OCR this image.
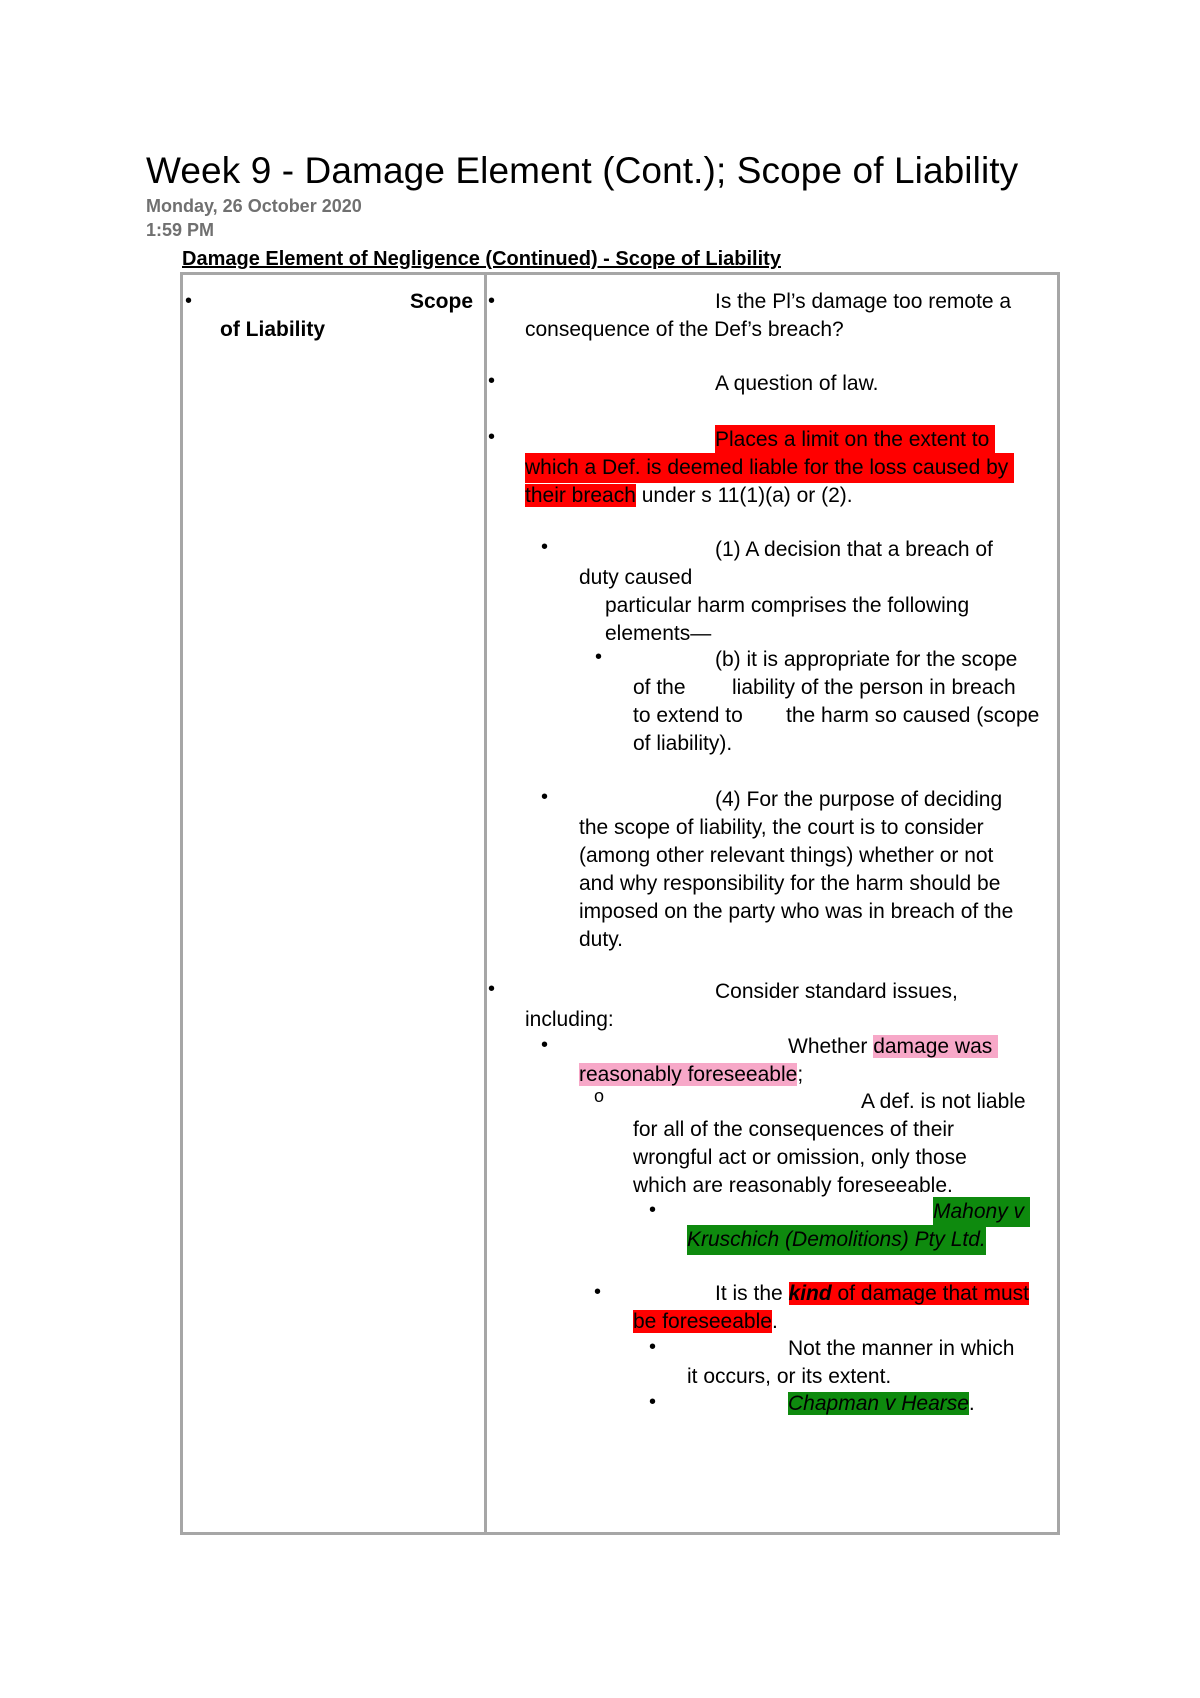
Week 9 - Damage Element (Cont.); Scope of Liability
Monday, 26 October 2020
1:59 PM
Damage Element of Negligence (Continued) - Scope of Liability
•	Scope
of Liability
•	Is the Pl’s damage too remote a
consequence of the Def’s breach?
•	A question of law.
•	Places a limit on the extent to
which a Def. is deemed liable for the loss caused by
their breach under s 11(1)(a) or (2).
•	(1) A decision that a breach of
duty caused
particular harm comprises the following
elements—
•	(b) it is appropriate for the scope
of the liability of the person in breach
to extend to the harm so caused (scope
of liability).
•	(4) For the purpose of deciding
the scope of liability, the court is to consider
(among other relevant things) whether or not
and why responsibility for the harm should be
imposed on the party who was in breach of the
duty.
•	Consider standard issues,
including:
•	Whether damage was
reasonably foreseeable;
o	A def. is not liable
for all of the consequences of their
wrongful act or omission, only those
which are reasonably foreseeable.
•	Mahony v
Kruschich (Demolitions) Pty Ltd.
•	It is the kind of damage that must
be foreseeable.
•	Not the manner in which
it occurs, or its extent.
•	Chapman v Hearse.
